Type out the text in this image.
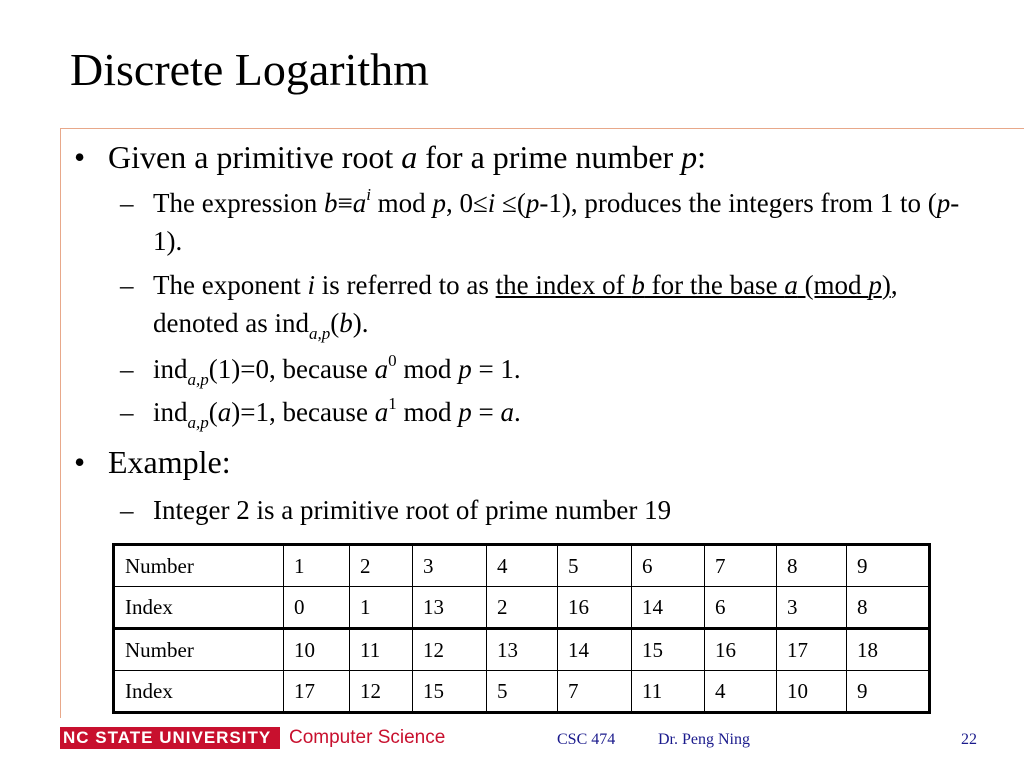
Discrete Logarithm
• Given a primitive root a for a prime number p:
– The expression $b\equiv a^i$ mod p, 0≤i ≤(p-1), produces the integers from 1 to (p-1).
– The exponent i is referred to as the index of b for the base a (mod p), denoted as ind$_{a,p}$(b).
– ind$_{a,p}$(1)=0, because $a^0$ mod p = 1.
– ind$_{a,p}$(a)=1, because $a^1$ mod p = a.
• Example:
– Integer 2 is a primitive root of prime number 19
Number	1	2	3	4	5	6	7	8	9
Index	0	1	13	2	16	14	6	3	8
Number	10	11	12	13	14	15	16	17	18
Index	17	12	15	5	7	11	4	10	9
NC STATE UNIVERSITY Computer Science	CSC 474	Dr. Peng Ning	22
